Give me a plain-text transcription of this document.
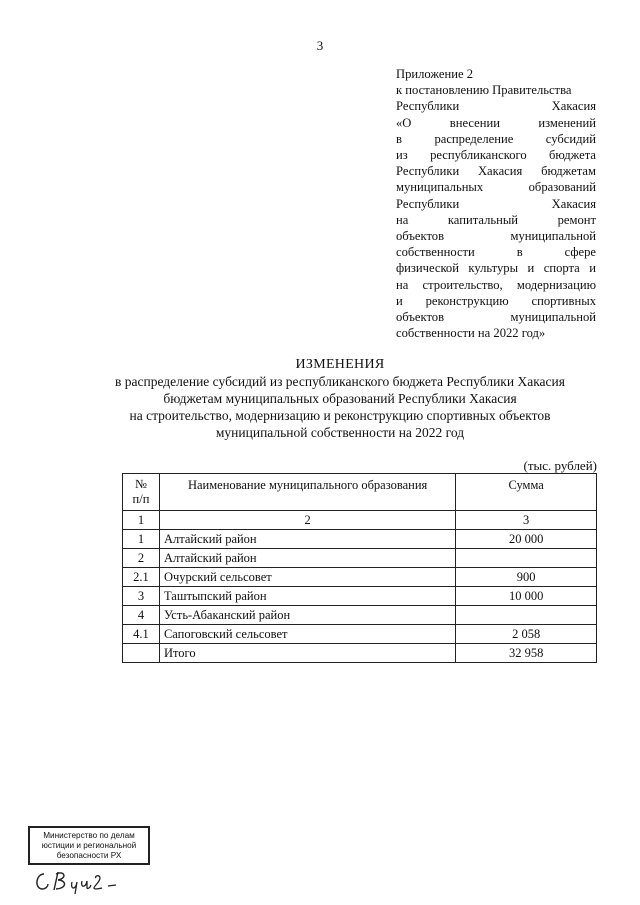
3
Приложение 2
к постановлению Правительства
Республики Хакасия
«О внесении изменений
в распределение субсидий
из республиканского бюджета
Республики Хакасия бюджетам
муниципальных образований
Республики Хакасия
на капитальный ремонт
объектов муниципальной
собственности в сфере
физической культуры и спорта и
на строительство, модернизацию
и реконструкцию спортивных
объектов муниципальной
собственности на 2022 год»
ИЗМЕНЕНИЯ
в распределение субсидий из республиканского бюджета Республики Хакасия
бюджетам муниципальных образований Республики Хакасия
на строительство, модернизацию и реконструкцию спортивных объектов
муниципальной собственности на 2022 год
(тыс. рублей)
№
п/п	Наименование муниципального образования	Сумма
1	2	3
1	Алтайский район	20 000
2	Алтайский район	
2.1	Очурский сельсовет	900
3	Таштыпский район	10 000
4	Усть-Абаканский район	
4.1	Сапоговский сельсовет	2 058
	Итого	32 958
Министерство по делам
юстиции и региональной
безопасности РХ
